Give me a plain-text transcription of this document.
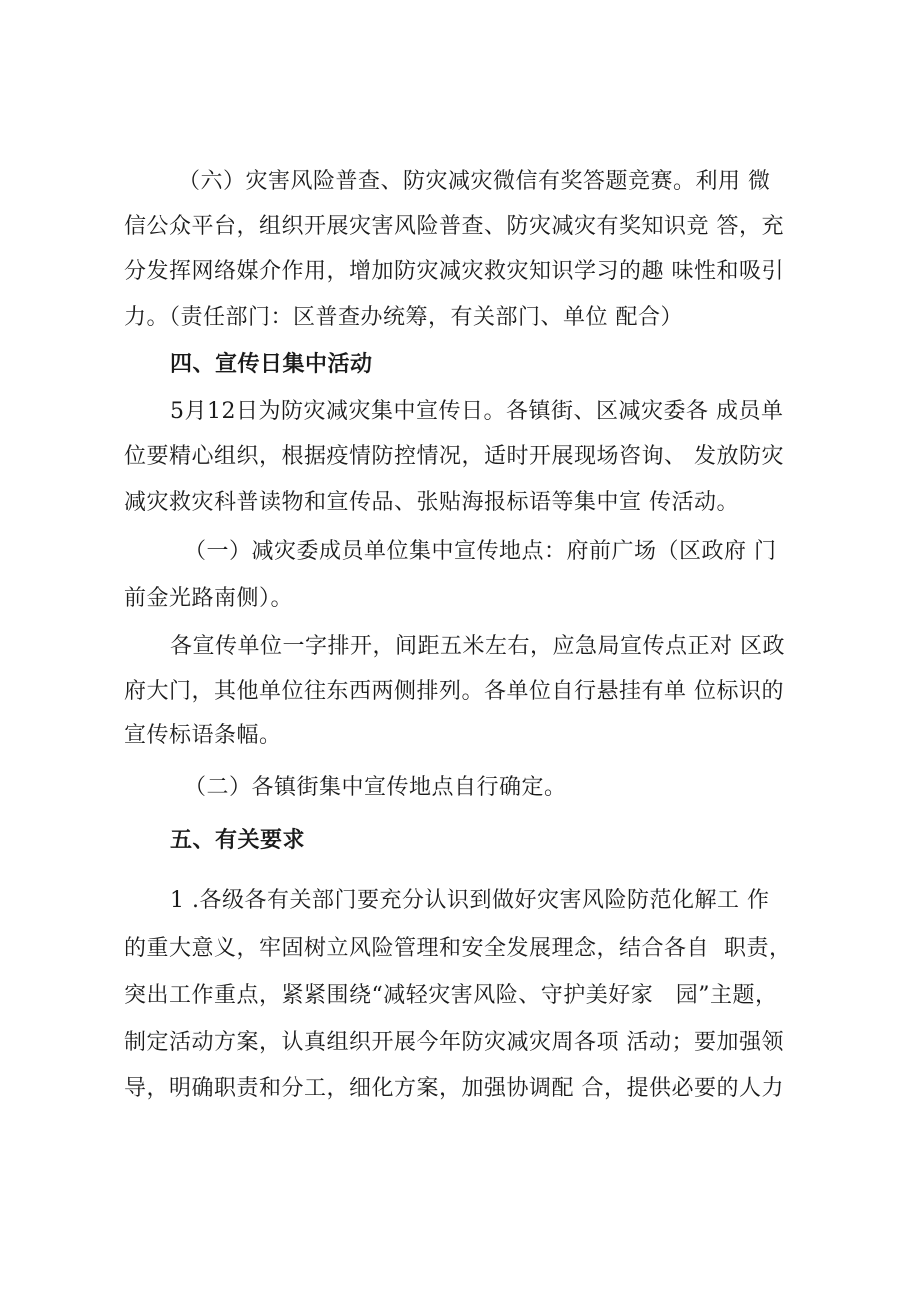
（六）灾害风险普查、防灾减灾微信有奖答题竞赛。利用 微
信公众平台，组织开展灾害风险普查、防灾减灾有奖知识竞 答，充
分发挥网络媒介作用，增加防灾减灾救灾知识学习的趣 味性和吸引
力。（责任部门：区普查办统筹，有关部门、单位 配合）
四、宣传日集中活动
5月12日为防灾减灾集中宣传日。各镇街、区减灾委各 成员单
位要精心组织，根据疫情防控情况，适时开展现场咨询、 发放防灾
减灾救灾科普读物和宣传品、张贴海报标语等集中宣 传活动。
（一）减灾委成员单位集中宣传地点：府前广场（区政府 门
前金光路南侧）。
各宣传单位一字排开，间距五米左右，应急局宣传点正对 区政
府大门，其他单位往东西两侧排列。各单位自行悬挂有单 位标识的
宣传标语条幅。
（二）各镇街集中宣传地点自行确定。
五、有关要求
1 .各级各有关部门要充分认识到做好灾害风险防范化解工 作
的重大意义，牢固树立风险管理和安全发展理念，结合各自  职责，
突出工作重点，紧紧围绕“减轻灾害风险、守护美好家   园”主题，
制定活动方案，认真组织开展今年防灾减灾周各项 活动；要加强领
导，明确职责和分工，细化方案，加强协调配 合，提供必要的人力
